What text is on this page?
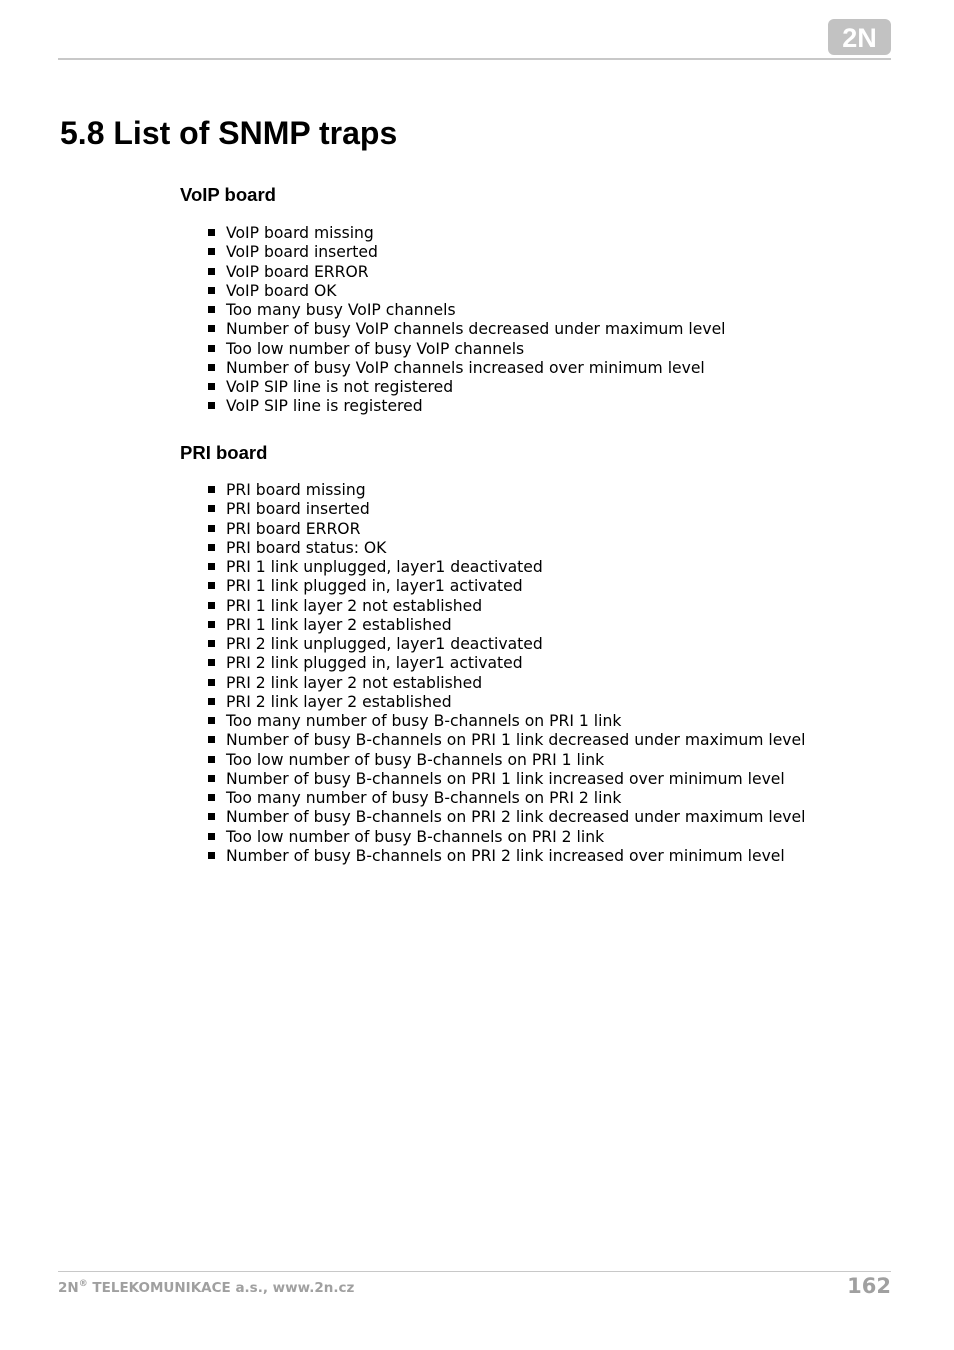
2N
5.8 List of SNMP traps
VoIP board
VoIP board missing
VoIP board inserted
VoIP board ERROR
VoIP board OK
Too many busy VoIP channels
Number of busy VoIP channels decreased under maximum level
Too low number of busy VoIP channels
Number of busy VoIP channels increased over minimum level
VoIP SIP line is not registered
VoIP SIP line is registered
PRI board
PRI board missing
PRI board inserted
PRI board ERROR
PRI board status: OK
PRI 1 link unplugged, layer1 deactivated
PRI 1 link plugged in, layer1 activated
PRI 1 link layer 2 not established
PRI 1 link layer 2 established
PRI 2 link unplugged, layer1 deactivated
PRI 2 link plugged in, layer1 activated
PRI 2 link layer 2 not established
PRI 2 link layer 2 established
Too many number of busy B-channels on PRI 1 link
Number of busy B-channels on PRI 1 link decreased under maximum level
Too low number of busy B-channels on PRI 1 link
Number of busy B-channels on PRI 1 link increased over minimum level
Too many number of busy B-channels on PRI 2 link
Number of busy B-channels on PRI 2 link decreased under maximum level
Too low number of busy B-channels on PRI 2 link
Number of busy B-channels on PRI 2 link increased over minimum level
2N® TELEKOMUNIKACE a.s., www.2n.cz	162
